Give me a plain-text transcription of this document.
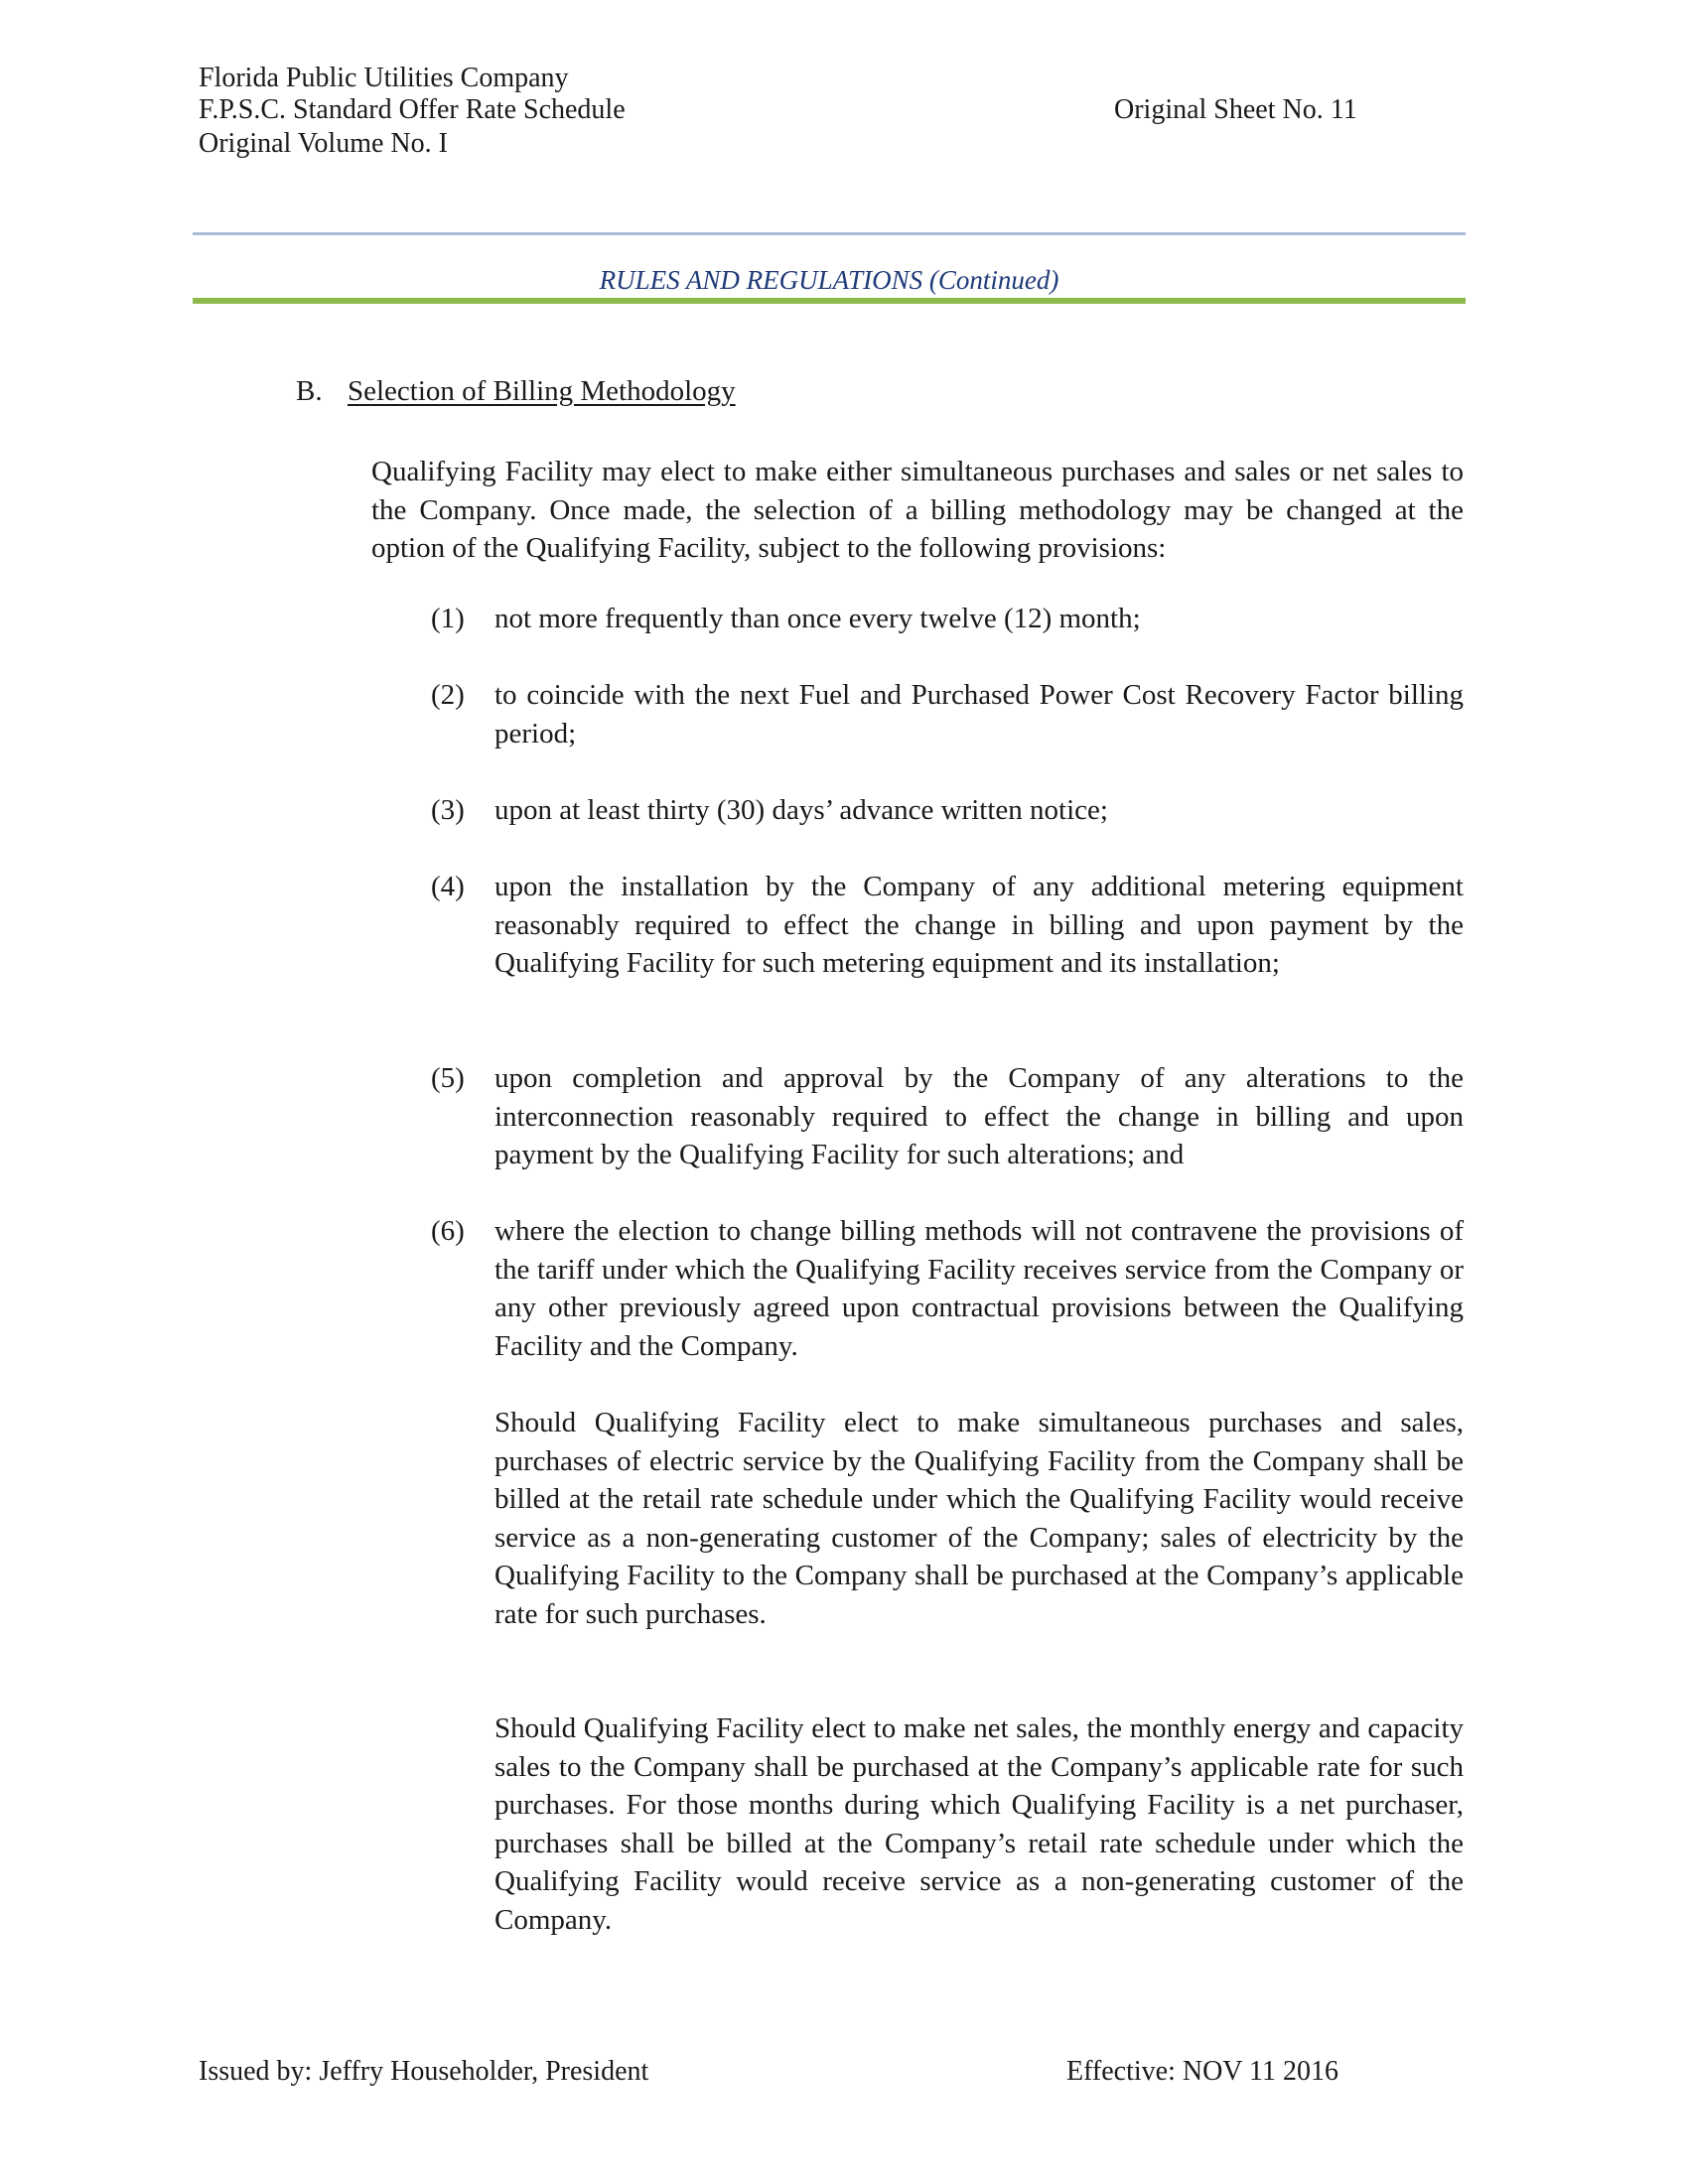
Florida Public Utilities Company
F.P.S.C. Standard Offer Rate Schedule
Original Volume No. I
Original Sheet No. 11
RULES AND REGULATIONS (Continued)
B. Selection of Billing Methodology

Qualifying Facility may elect to make either simultaneous purchases and sales or net sales to the Company. Once made, the selection of a billing methodology may be changed at the option of the Qualifying Facility, subject to the following provisions:

(1)	not more frequently than once every twelve (12) month;
(2)	to coincide with the next Fuel and Purchased Power Cost Recovery Factor billing period;
(3)	upon at least thirty (30) days’ advance written notice;
(4)	upon the installation by the Company of any additional metering equipment reasonably required to effect the change in billing and upon payment by the Qualifying Facility for such metering equipment and its installation;
(5)	upon completion and approval by the Company of any alterations to the interconnection reasonably required to effect the change in billing and upon payment by the Qualifying Facility for such alterations; and
(6)	where the election to change billing methods will not contravene the provisions of the tariff under which the Qualifying Facility receives service from the Company or any other previously agreed upon contractual provisions between the Qualifying Facility and the Company.

Should Qualifying Facility elect to make simultaneous purchases and sales, purchases of electric service by the Qualifying Facility from the Company shall be billed at the retail rate schedule under which the Qualifying Facility would receive service as a non-generating customer of the Company; sales of electricity by the Qualifying Facility to the Company shall be purchased at the Company’s applicable rate for such purchases.

Should Qualifying Facility elect to make net sales, the monthly energy and capacity sales to the Company shall be purchased at the Company’s applicable rate for such purchases. For those months during which Qualifying Facility is a net purchaser, purchases shall be billed at the Company’s retail rate schedule under which the Qualifying Facility would receive service as a non-generating customer of the Company.

Issued by: Jeffry Householder, President	Effective: NOV 11 2016
